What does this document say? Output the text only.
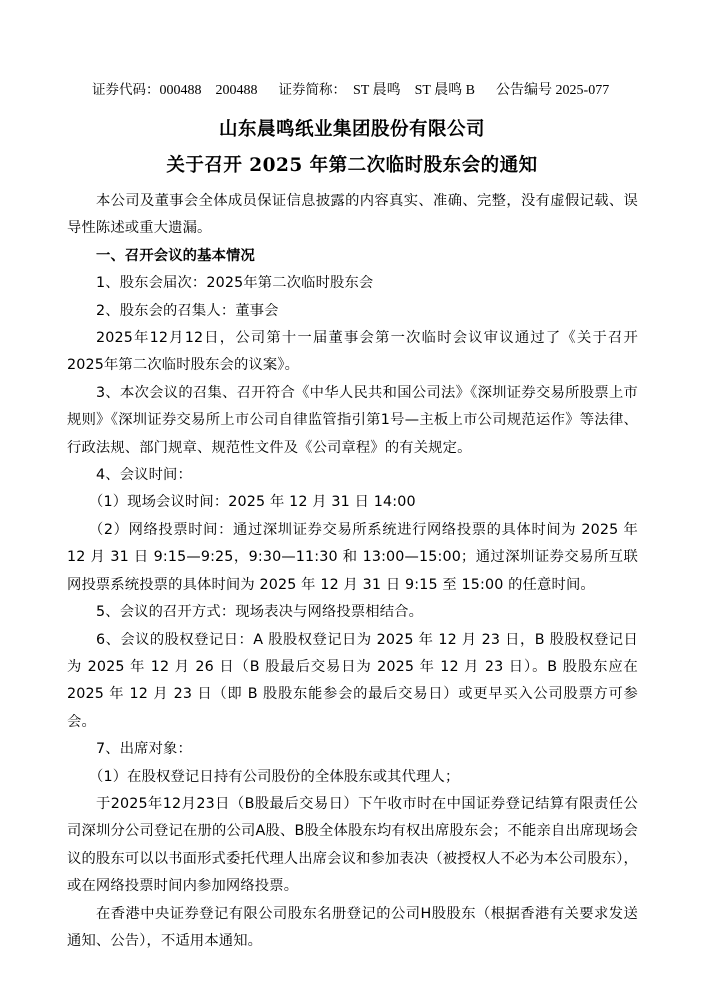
证券代码：000488 200488 证券简称： ST 晨鸣 ST 晨鸣 B 公告编号 2025-077
山东晨鸣纸业集团股份有限公司
关于召开 2025 年第二次临时股东会的通知

本公司及董事会全体成员保证信息披露的内容真实、准确、完整，没有虚假记载、误导性陈述或重大遗漏。

一、召开会议的基本情况

1、股东会届次：2025年第二次临时股东会

2、股东会的召集人：董事会

2025年12月12日，公司第十一届董事会第一次临时会议审议通过了《关于召开2025年第二次临时股东会的议案》。

3、本次会议的召集、召开符合《中华人民共和国公司法》《深圳证券交易所股票上市规则》《深圳证券交易所上市公司自律监管指引第1号—主板上市公司规范运作》等法律、行政法规、部门规章、规范性文件及《公司章程》的有关规定。

4、会议时间：

（1）现场会议时间：2025 年 12 月 31 日 14:00

（2）网络投票时间：通过深圳证券交易所系统进行网络投票的具体时间为 2025 年 12 月 31 日 9:15—9:25，9:30—11:30 和 13:00—15:00；通过深圳证券交易所互联网投票系统投票的具体时间为 2025 年 12 月 31 日 9:15 至 15:00 的任意时间。

5、会议的召开方式：现场表决与网络投票相结合。

6、会议的股权登记日：A 股股权登记日为 2025 年 12 月 23 日，B 股股权登记日为 2025 年 12 月 26 日（B 股最后交易日为 2025 年 12 月 23 日）。B 股股东应在 2025 年 12 月 23 日（即 B 股股东能参会的最后交易日）或更早买入公司股票方可参会。

7、出席对象：

（1）在股权登记日持有公司股份的全体股东或其代理人；

于2025年12月23日（B股最后交易日）下午收市时在中国证券登记结算有限责任公司深圳分公司登记在册的公司A股、B股全体股东均有权出席股东会；不能亲自出席现场会议的股东可以以书面形式委托代理人出席会议和参加表决（被授权人不必为本公司股东），或在网络投票时间内参加网络投票。

在香港中央证券登记有限公司股东名册登记的公司H股股东（根据香港有关要求发送通知、公告），不适用本通知。
